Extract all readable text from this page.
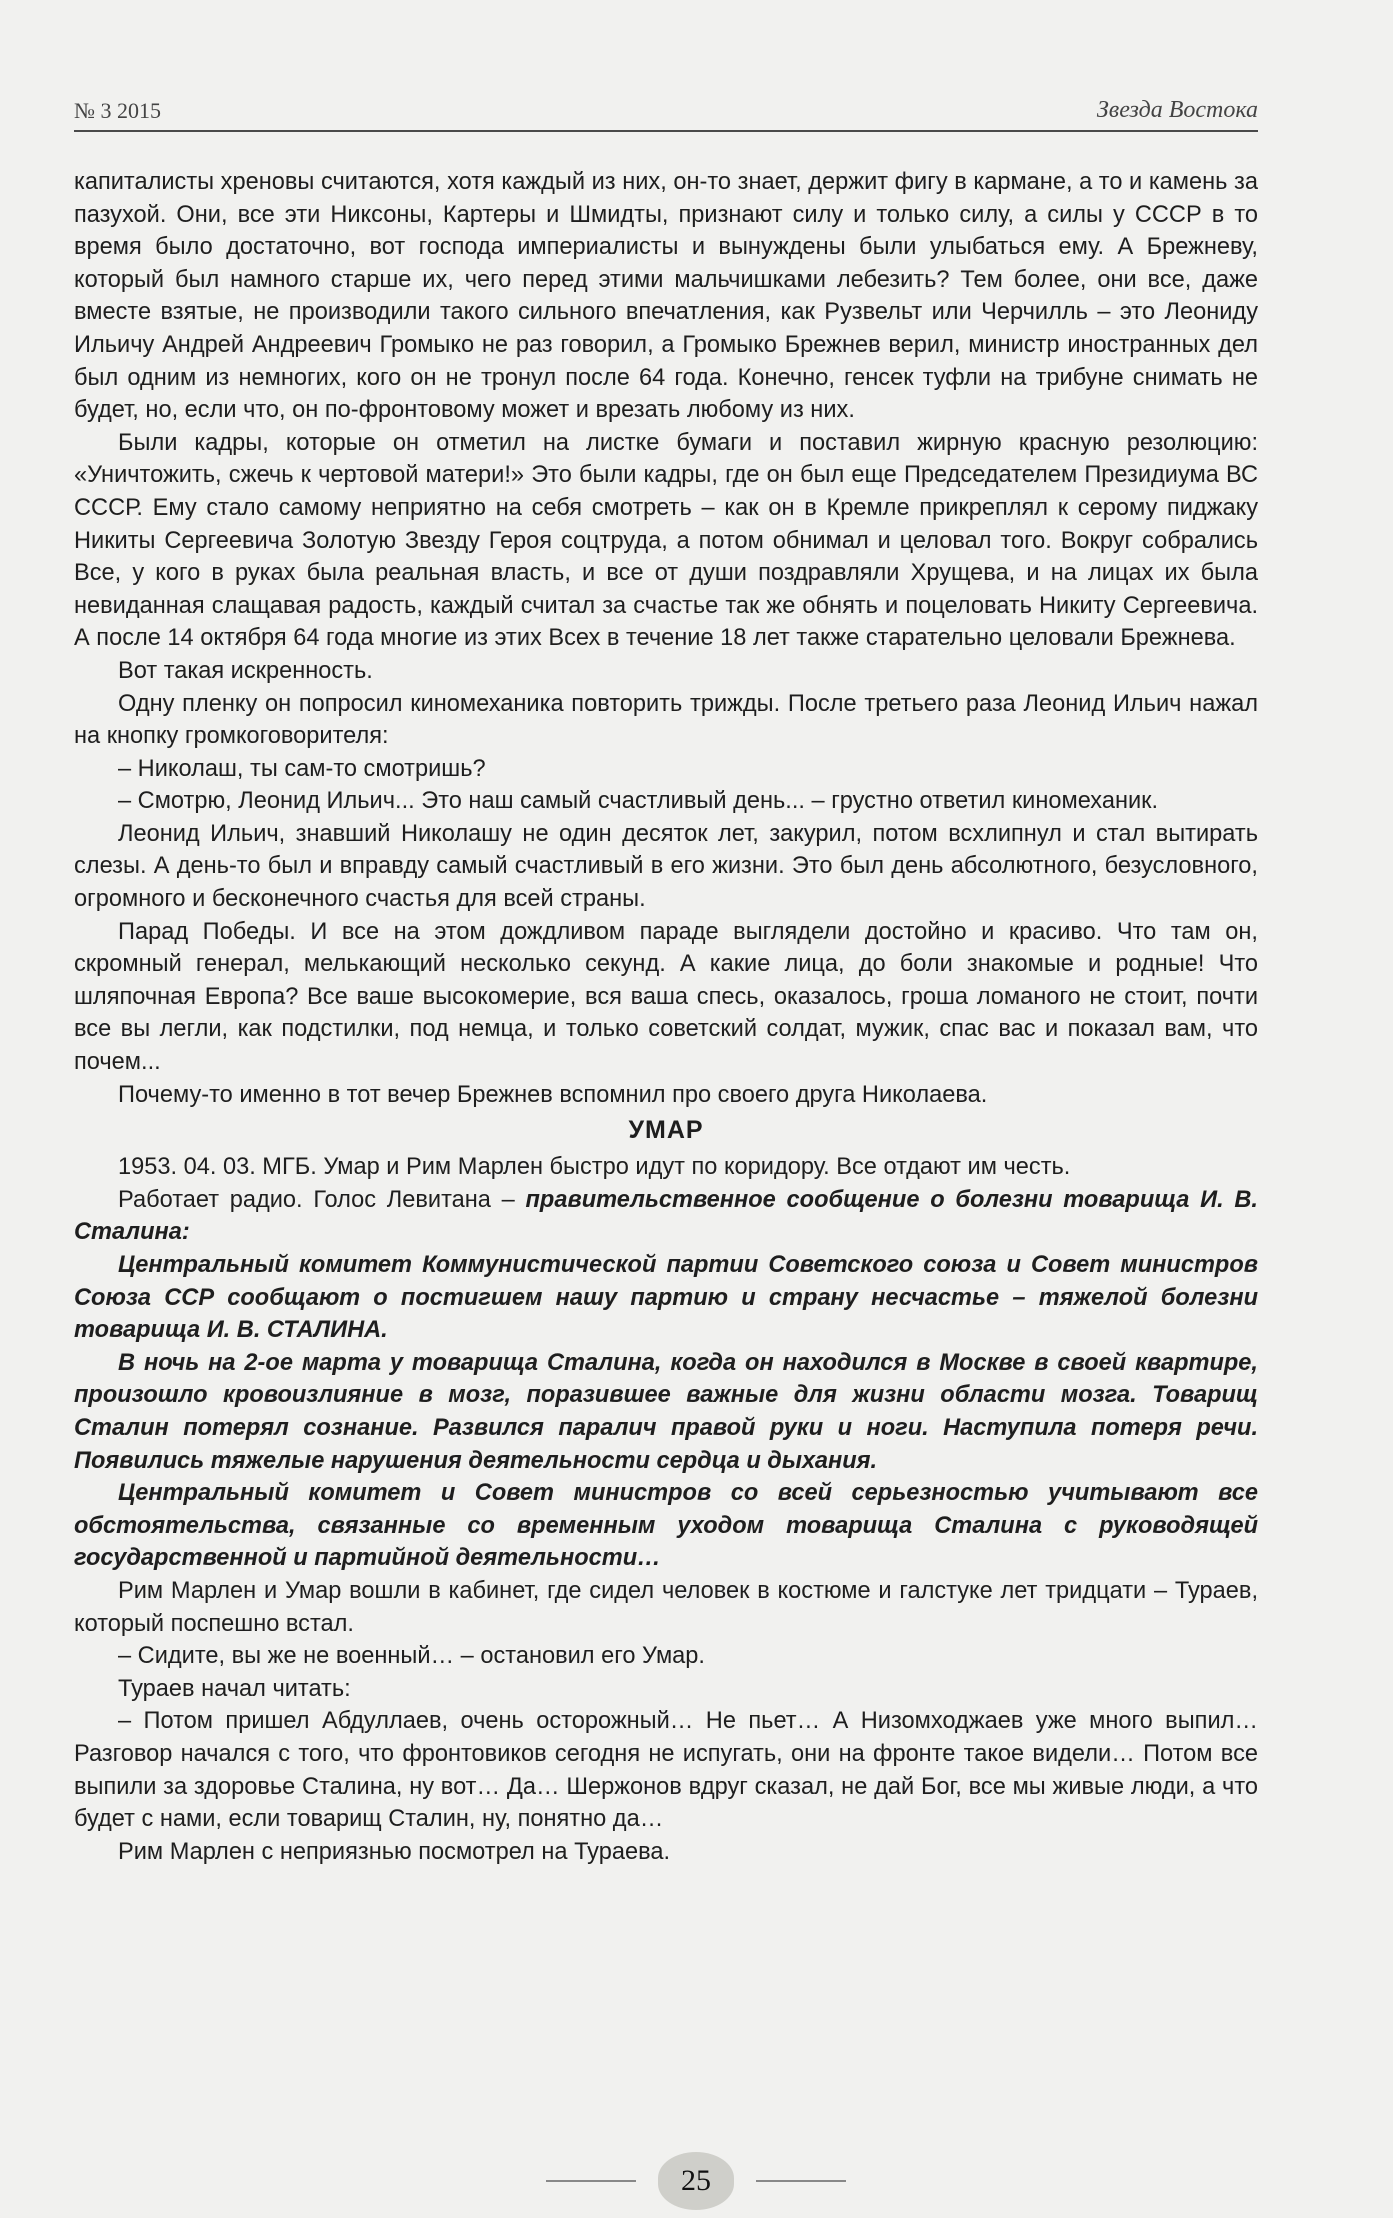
№ 3 2015	Звезда Востока

капиталисты хреновы считаются, хотя каждый из них, он-то знает, держит фигу в кармане, а то и камень за пазухой. Они, все эти Никсоны, Картеры и Шмидты, признают силу и только силу, а силы у СССР в то время было достаточно, вот господа империалисты и вынуждены были улыбаться ему. А Брежневу, который был намного старше их, чего перед этими мальчишками лебезить? Тем более, они все, даже вместе взятые, не производили такого сильного впечатления, как Рузвельт или Черчилль – это Леониду Ильичу Андрей Андреевич Громыко не раз говорил, а Громыко Брежнев верил, министр иностранных дел был одним из немногих, кого он не тронул после 64 года. Конечно, генсек туфли на трибуне снимать не будет, но, если что, он по-фронтовому может и врезать любому из них.

Были кадры, которые он отметил на листке бумаги и поставил жирную красную резолюцию: «Уничтожить, сжечь к чертовой матери!» Это были кадры, где он был еще Председателем Президиума ВС СССР. Ему стало самому неприятно на себя смотреть – как он в Кремле прикреплял к серому пиджаку Никиты Сергеевича Золотую Звезду Героя соцтруда, а потом обнимал и целовал того. Вокруг собрались Все, у кого в руках была реальная власть, и все от души поздравляли Хрущева, и на лицах их была невиданная слащавая радость, каждый считал за счастье так же обнять и поцеловать Никиту Сергеевича. А после 14 октября 64 года многие из этих Всех в течение 18 лет также старательно целовали Брежнева.

Вот такая искренность.

Одну пленку он попросил киномеханика повторить трижды. После третьего раза Леонид Ильич нажал на кнопку громкоговорителя:

– Николаш, ты сам-то смотришь?

– Смотрю, Леонид Ильич... Это наш самый счастливый день... – грустно ответил киномеханик.

Леонид Ильич, знавший Николашу не один десяток лет, закурил, потом всхлипнул и стал вытирать слезы. А день-то был и вправду самый счастливый в его жизни. Это был день абсолютного, безусловного, огромного и бесконечного счастья для всей страны.

Парад Победы. И все на этом дождливом параде выглядели достойно и красиво. Что там он, скромный генерал, мелькающий несколько секунд. А какие лица, до боли знакомые и родные! Что шляпочная Европа? Все ваше высокомерие, вся ваша спесь, оказалось, гроша ломаного не стоит, почти все вы легли, как подстилки, под немца, и только советский солдат, мужик, спас вас и показал вам, что почем...

Почему-то именно в тот вечер Брежнев вспомнил про своего друга Николаева.

УМАР

1953. 04. 03. МГБ. Умар и Рим Марлен быстро идут по коридору. Все отдают им честь.

Работает радио. Голос Левитана – правительственное сообщение о болезни товарища И. В. Сталина:

Центральный комитет Коммунистической партии Советского союза и Совет министров Союза ССР сообщают о постигшем нашу партию и страну несчастье – тяжелой болезни товарища И. В. СТАЛИНА.

В ночь на 2-ое марта у товарища Сталина, когда он находился в Москве в своей квартире, произошло кровоизлияние в мозг, поразившее важные для жизни области мозга. Товарищ Сталин потерял сознание. Развился паралич правой руки и ноги. Наступила потеря речи. Появились тяжелые нарушения деятельности сердца и дыхания.

Центральный комитет и Совет министров со всей серьезностью учитывают все обстоятельства, связанные со временным уходом товарища Сталина с руководящей государственной и партийной деятельности…

Рим Марлен и Умар вошли в кабинет, где сидел человек в костюме и галстуке лет тридцати – Тураев, который поспешно встал.

– Сидите, вы же не военный… – остановил его Умар.

Тураев начал читать:

– Потом пришел Абдуллаев, очень осторожный… Не пьет… А Низомходжаев уже много выпил… Разговор начался с того, что фронтовиков сегодня не испугать, они на фронте такое видели… Потом все выпили за здоровье Сталина, ну вот… Да… Шержонов вдруг сказал, не дай Бог, все мы живые люди, а что будет с нами, если товарищ Сталин, ну, понятно да…

Рим Марлен с неприязнью посмотрел на Тураева.

25
